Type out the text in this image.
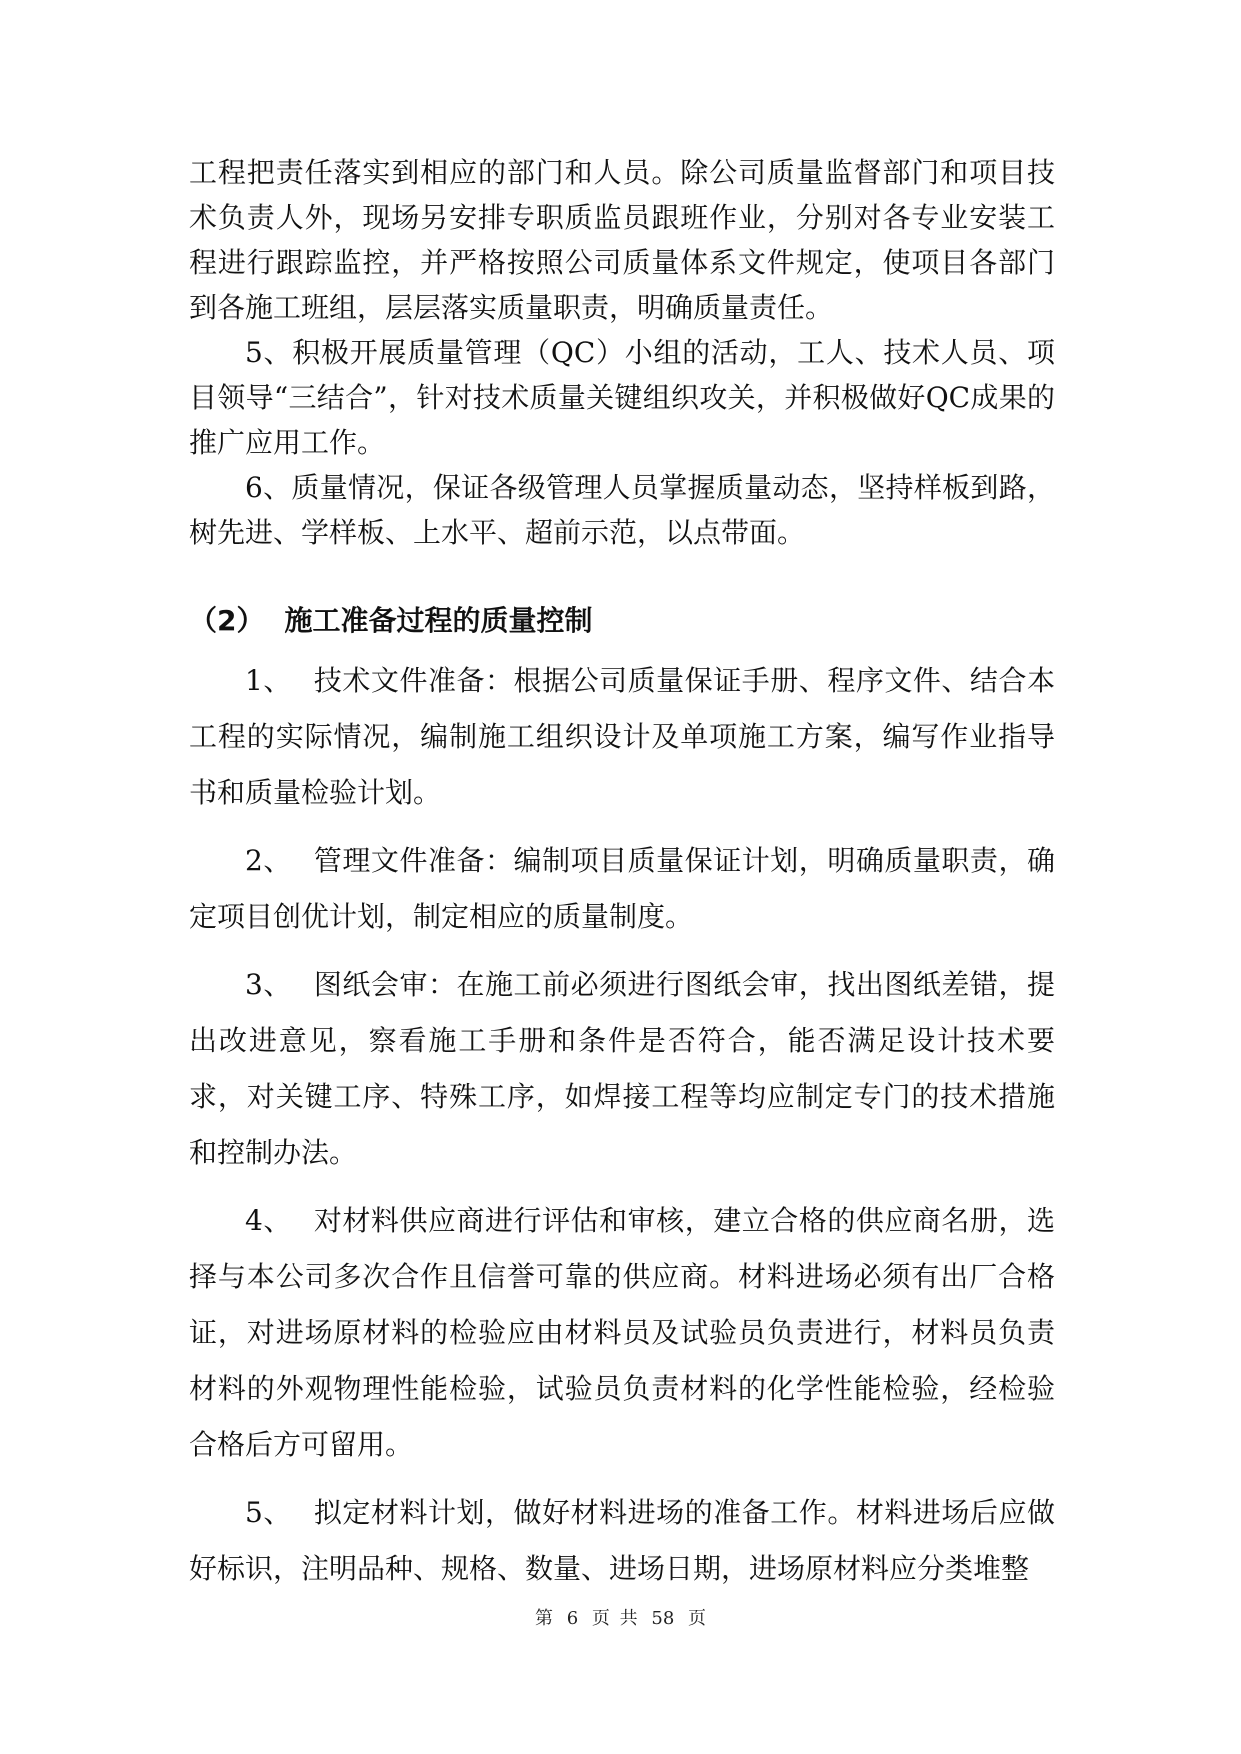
工程把责任落实到相应的部门和人员。除公司质量监督部门和项目技术负责人外，现场另安排专职质监员跟班作业，分别对各专业安装工程进行跟踪监控，并严格按照公司质量体系文件规定，使项目各部门到各施工班组，层层落实质量职责，明确质量责任。

5、积极开展质量管理（QC）小组的活动，工人、技术人员、项目领导“三结合”，针对技术质量关键组织攻关，并积极做好QC成果的推广应用工作。

6、质量情况，保证各级管理人员掌握质量动态，坚持样板到路，树先进、学样板、上水平、超前示范，以点带面。

（2） 施工准备过程的质量控制

1、 技术文件准备：根据公司质量保证手册、程序文件、结合本工程的实际情况，编制施工组织设计及单项施工方案，编写作业指导书和质量检验计划。

2、 管理文件准备：编制项目质量保证计划，明确质量职责，确定项目创优计划，制定相应的质量制度。

3、 图纸会审：在施工前必须进行图纸会审，找出图纸差错，提出改进意见，察看施工手册和条件是否符合，能否满足设计技术要求，对关键工序、特殊工序，如焊接工程等均应制定专门的技术措施和控制办法。

4、 对材料供应商进行评估和审核，建立合格的供应商名册，选择与本公司多次合作且信誉可靠的供应商。材料进场必须有出厂合格证，对进场原材料的检验应由材料员及试验员负责进行，材料员负责材料的外观物理性能检验，试验员负责材料的化学性能检验，经检验合格后方可留用。

5、 拟定材料计划，做好材料进场的准备工作。材料进场后应做好标识，注明品种、规格、数量、进场日期，进场原材料应分类堆整

第 6 页 共 58 页
